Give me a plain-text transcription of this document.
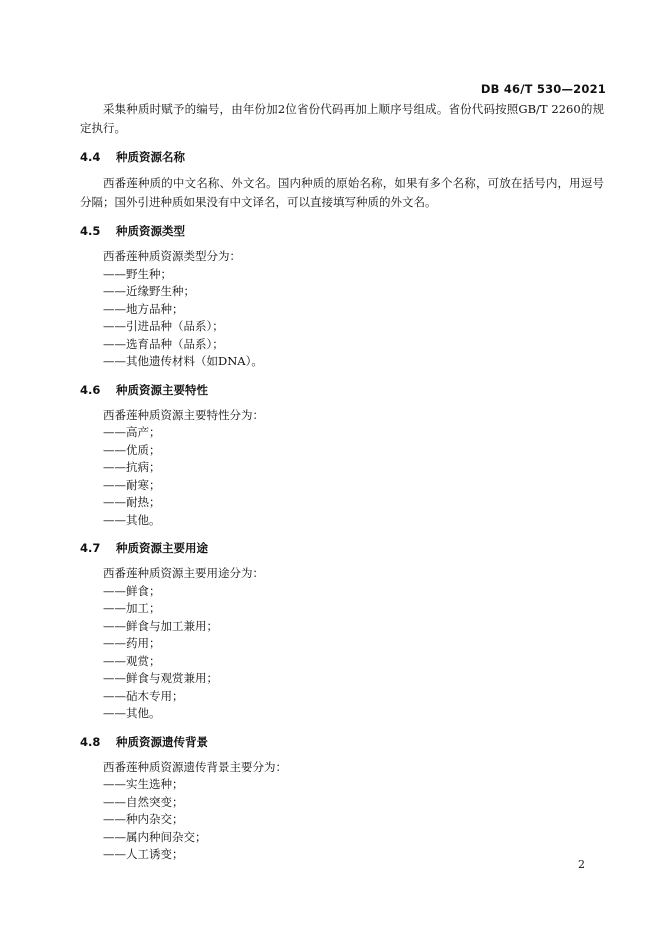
DB 46/T 530—2021

采集种质时赋予的编号，由年份加2位省份代码再加上顺序号组成。省份代码按照GB/T 2260的规定执行。

4.4	种质资源名称

西番莲种质的中文名称、外文名。国内种质的原始名称，如果有多个名称，可放在括号内，用逗号分隔；国外引进种质如果没有中文译名，可以直接填写种质的外文名。

4.5	种质资源类型
西番莲种质资源类型分为：
——野生种；
——近缘野生种；
——地方品种；
——引进品种（品系）；
——选育品种（品系）；
——其他遗传材料（如DNA）。
4.6	种质资源主要特性
西番莲种质资源主要特性分为：
——高产；
——优质；
——抗病；
——耐寒；
——耐热；
——其他。
4.7	种质资源主要用途
西番莲种质资源主要用途分为：
——鲜食；
——加工；
——鲜食与加工兼用；
——药用；
——观赏；
——鲜食与观赏兼用；
——砧木专用；
——其他。
4.8	种质资源遗传背景
西番莲种质资源遗传背景主要分为：
——实生选种；
——自然突变；
——种内杂交；
——属内种间杂交；
——人工诱变；
2
